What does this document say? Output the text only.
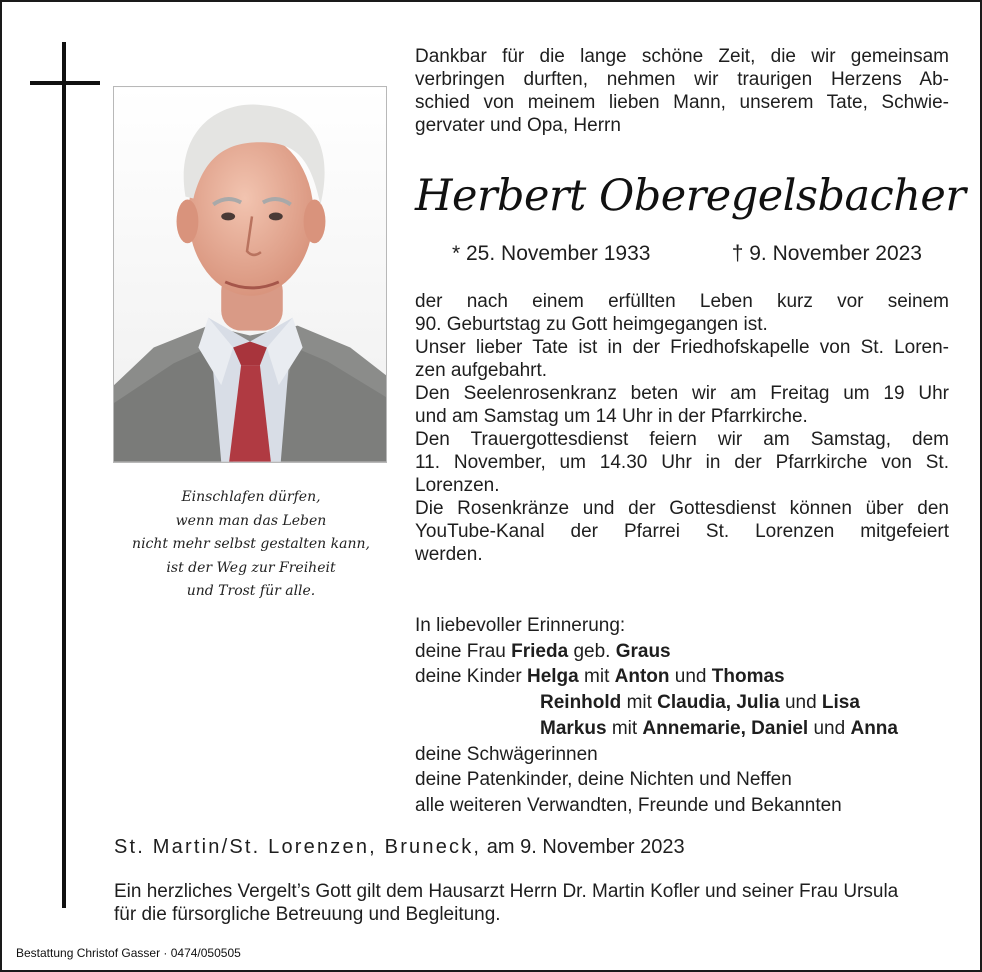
Einschlafen dürfen,
wenn man das Leben
nicht mehr selbst gestalten kann,
ist der Weg zur Freiheit
und Trost für alle.
Dankbar für die lange schöne Zeit, die wir gemeinsam
verbringen durften, nehmen wir traurigen Herzens Ab-
schied von meinem lieben Mann, unserem Tate, Schwie-
gervater und Opa, Herrn
Herbert Oberegelsbacher
* 25. November 1933	† 9. November 2023
der nach einem erfüllten Leben kurz vor seinem
90. Geburtstag zu Gott heimgegangen ist.
Unser lieber Tate ist in der Friedhofskapelle von St. Loren-
zen aufgebahrt.
Den Seelenrosenkranz beten wir am Freitag um 19 Uhr
und am Samstag um 14 Uhr in der Pfarrkirche.
Den Trauergottesdienst feiern wir am Samstag, dem
11. November, um 14.30 Uhr in der Pfarrkirche von St.
Lorenzen.
Die Rosenkränze und der Gottesdienst können über den
YouTube-Kanal der Pfarrei St. Lorenzen mitgefeiert
werden.
In liebevoller Erinnerung:
deine Frau Frieda geb. Graus
deine Kinder Helga mit Anton und Thomas
Reinhold mit Claudia, Julia und Lisa
Markus mit Annemarie, Daniel und Anna
deine Schwägerinnen
deine Patenkinder, deine Nichten und Neffen
alle weiteren Verwandten, Freunde und Bekannten
St. Martin/St. Lorenzen, Bruneck, am 9. November 2023
Ein herzliches Vergelt’s Gott gilt dem Hausarzt Herrn Dr. Martin Kofler und seiner Frau Ursula
für die fürsorgliche Betreuung und Begleitung.
Bestattung Christof Gasser · 0474/050505
